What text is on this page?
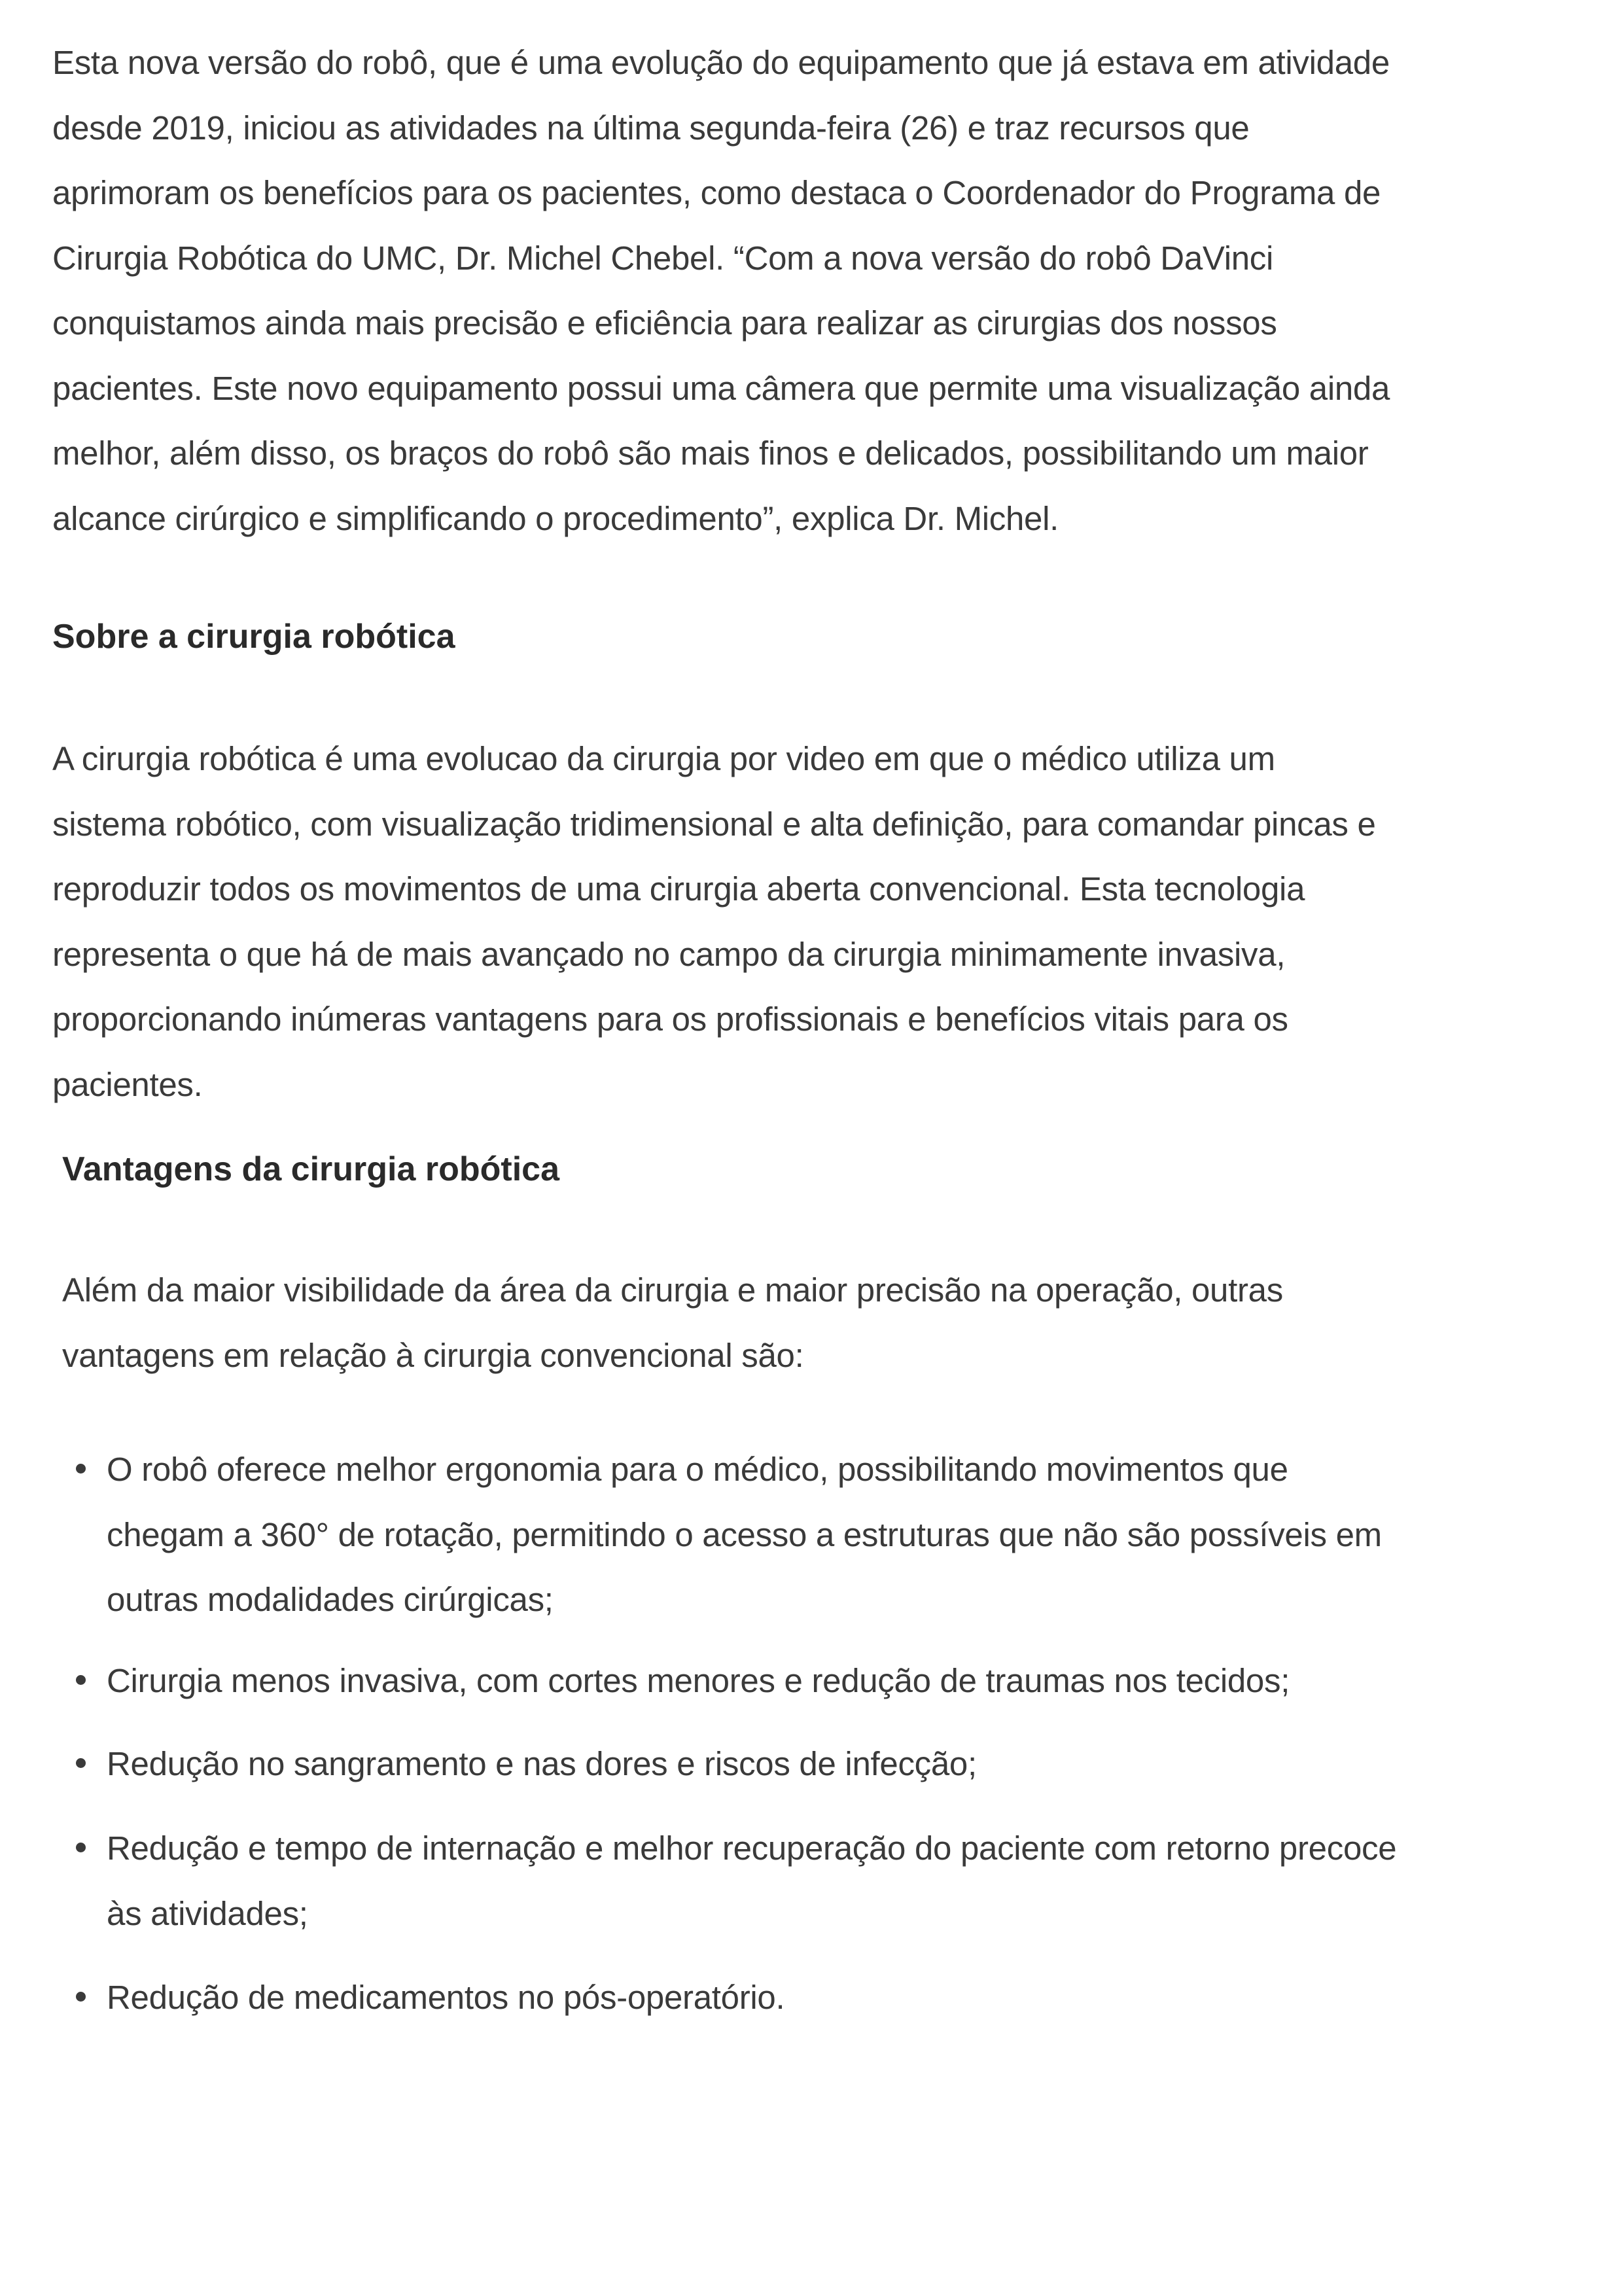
Esta nova versão do robô, que é uma evolução do equipamento que já estava em atividade
desde 2019, iniciou as atividades na última segunda-feira (26) e traz recursos que
aprimoram os benefícios para os pacientes, como destaca o Coordenador do Programa de
Cirurgia Robótica do UMC, Dr. Michel Chebel. “Com a nova versão do robô DaVinci
conquistamos ainda mais precisão e eficiência para realizar as cirurgias dos nossos
pacientes. Este novo equipamento possui uma câmera que permite uma visualização ainda
melhor, além disso, os braços do robô são mais finos e delicados, possibilitando um maior
alcance cirúrgico e simplificando o procedimento”, explica Dr. Michel.
Sobre a cirurgia robótica
A cirurgia robótica é uma evolucao da cirurgia por video em que o médico utiliza um
sistema robótico, com visualização tridimensional e alta definição, para comandar pincas e
reproduzir todos os movimentos de uma cirurgia aberta convencional. Esta tecnologia
representa o que há de mais avançado no campo da cirurgia minimamente invasiva,
proporcionando inúmeras vantagens para os profissionais e benefícios vitais para os
pacientes.
Vantagens da cirurgia robótica
Além da maior visibilidade da área da cirurgia e maior precisão na operação, outras
vantagens em relação à cirurgia convencional são:
O robô oferece melhor ergonomia para o médico, possibilitando movimentos que
chegam a 360° de rotação, permitindo o acesso a estruturas que não são possíveis em
outras modalidades cirúrgicas;
Cirurgia menos invasiva, com cortes menores e redução de traumas nos tecidos;
Redução no sangramento e nas dores e riscos de infecção;
Redução e tempo de internação e melhor recuperação do paciente com retorno precoce
às atividades;
Redução de medicamentos no pós-operatório.
